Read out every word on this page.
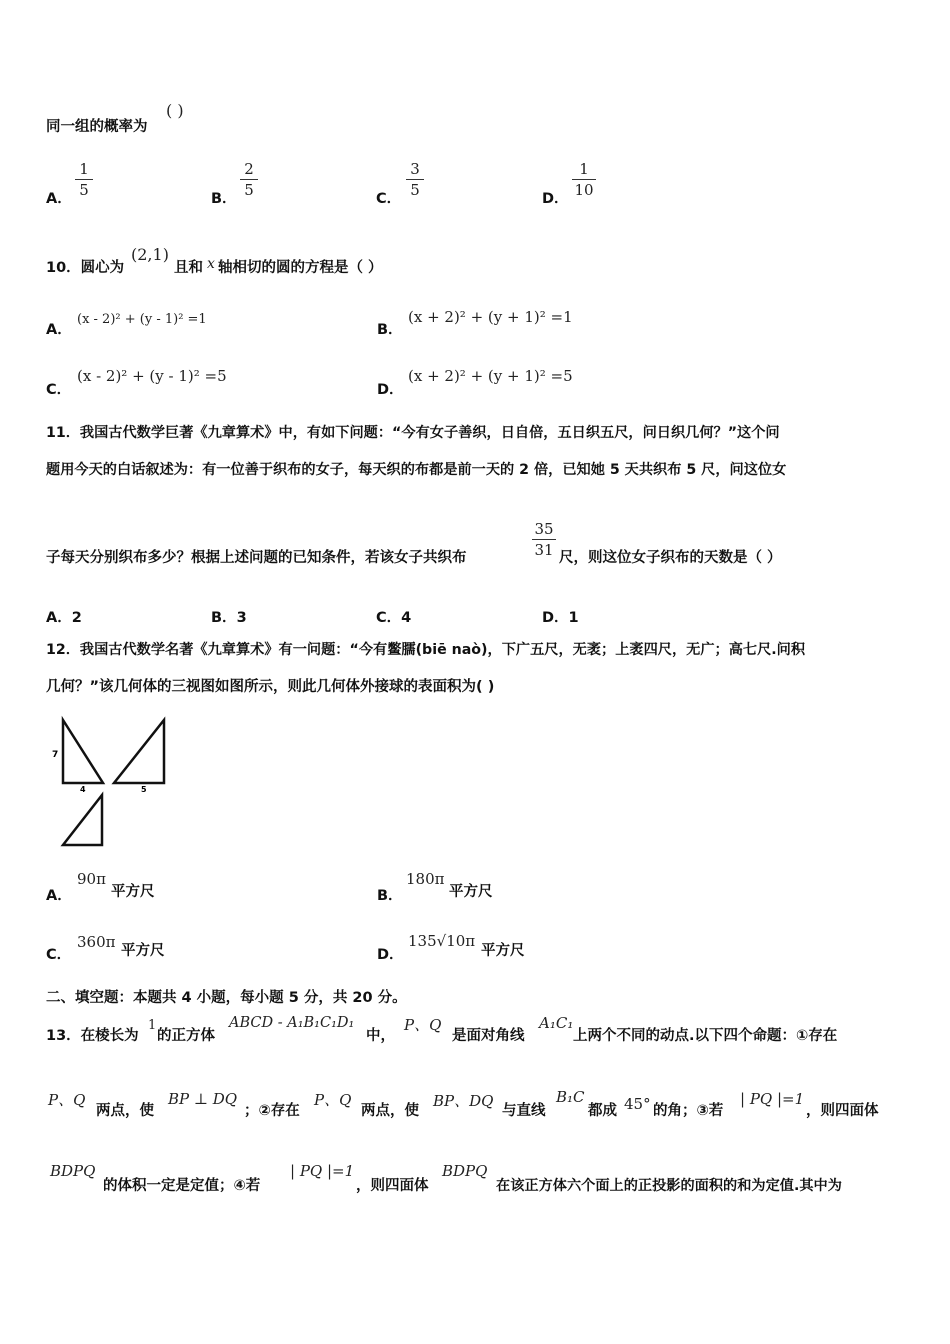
同一组的概率为
( )
A．
1
5	B．
2
5	C．
3
5	D．
1
10
10．圆心为
(2,1)
且和 x 轴相切的圆的方程是（ ）
A．
(x - 2)² + (y - 1)² =1
B．
(x + 2)² + (y + 1)² =1
C．
(x - 2)² + (y - 1)² =5
D．
(x + 2)² + (y + 1)² =5
11．我国古代数学巨著《九章算术》中，有如下问题：“今有女子善织，日自倍，五日织五尺，问日织几何？”这个问
题用今天的白话叙述为：有一位善于织布的女子，每天织的布都是前一天的 2 倍，已知她 5 天共织布 5 尺，问这位女
子每天分别织布多少？根据上述问题的已知条件，若该女子共织布
35
31 尺，则这位女子织布的天数是（ ）
A．2	B．3	C．4	D．1
12．我国古代数学名著《九章算术》有一问题：“今有鳖臑(biē naò)，下广五尺，无袤；上袤四尺，无广；高七尺.问积
几何？”该几何体的三视图如图所示，则此几何体外接球的表面积为( )
7
4	5
A．
90π
平方尺	B．
180π
平方尺
C．
360π 平方尺	D．
135√10π
平方尺
二、填空题：本题共 4 小题，每小题 5 分，共 20 分。
13．在棱长为
1
的正方体
ABCD - A₁B₁C₁D₁
中，
P、Q
是面对角线
A₁C₁
上两个不同的动点.以下四个命题：①存在
P、Q
两点，使
BP ⊥ DQ
；②存在
P、Q
两点，使
BP、DQ
与直线
B₁C
都成 45° 的角；③若
| PQ |=1
，则四面体
BDPQ
的体积一定是定值；④若
| PQ |=1
，则四面体
BDPQ
在该正方体六个面上的正投影的面积的和为定值.其中为
